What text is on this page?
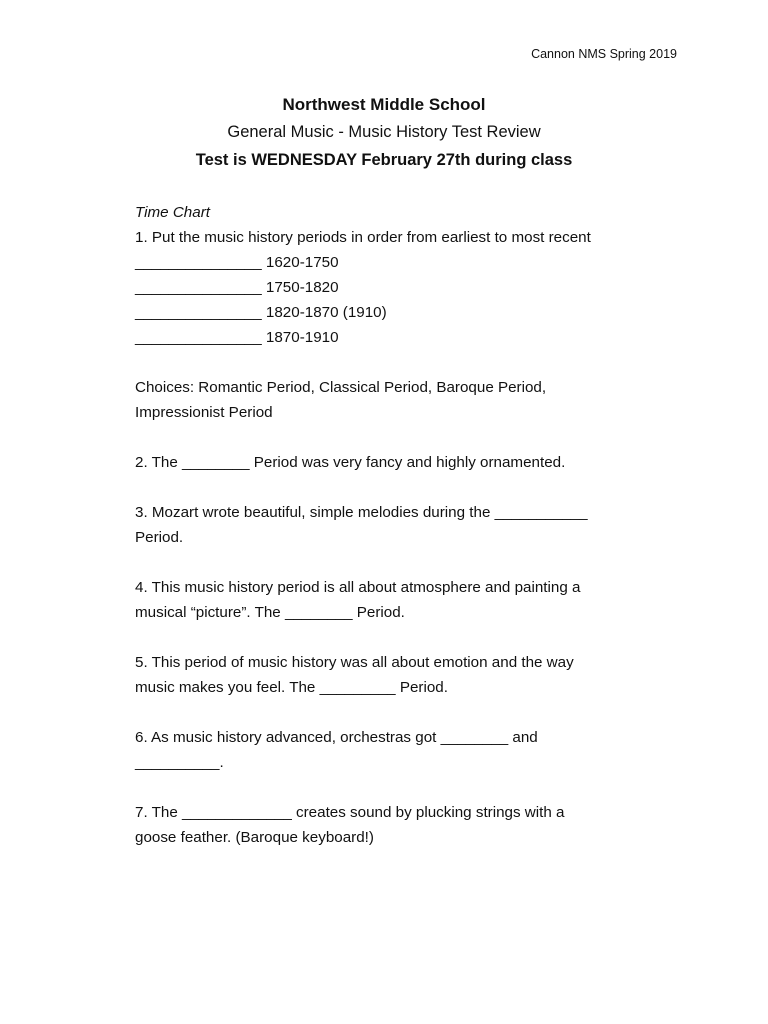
Cannon NMS Spring 2019
Northwest Middle School
General Music - Music History Test Review
Test is WEDNESDAY February 27th during class
Time Chart
1. Put the music history periods in order from earliest to most recent
_______________ 1620-1750
_______________ 1750-1820
_______________ 1820-1870 (1910)
_______________ 1870-1910
Choices: Romantic Period, Classical Period, Baroque Period,
Impressionist Period
2. The ________ Period was very fancy and highly ornamented.
3. Mozart wrote beautiful, simple melodies during the ___________
Period.
4. This music history period is all about atmosphere and painting a
musical “picture”. The ________ Period.
5. This period of music history was all about emotion and the way
music makes you feel. The _________ Period.
6. As music history advanced, orchestras got ________ and
__________.
7. The _____________ creates sound by plucking strings with a
goose feather. (Baroque keyboard!)
